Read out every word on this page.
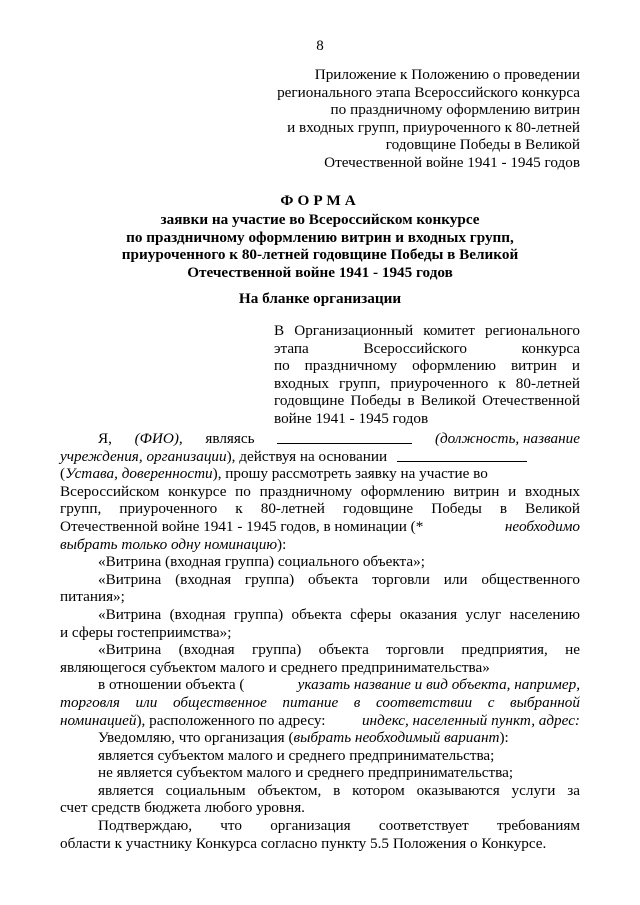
8
Приложение к Положению о проведении
регионального этапа Всероссийского конкурса
по праздничному оформлению витрин
и входных групп, приуроченного к 80-летней
годовщине Победы в Великой
Отечественной войне 1941 - 1945 годов
ФОРМА
заявки на участие во Всероссийском конкурсе
по праздничному оформлению витрин и входных групп,
приуроченного к 80-летней годовщине Победы в Великой
Отечественной войне 1941 - 1945 годов
На бланке организации
В Организационный комитет регионального
этапа Всероссийского конкурса
по праздничному оформлению витрин и
входных групп, приуроченного к 80-летней
годовщине Победы в Великой Отечественной
войне 1941 - 1945 годов
Я, (ФИО), являясь	(должность, название
учреждения, организации), действуя на основании
(Устава, доверенности), прошу рассмотреть заявку на участие во
Всероссийском конкурсе по праздничному оформлению витрин и входных
групп, приуроченного к 80-летней годовщине Победы в Великой
Отечественной войне 1941 - 1945 годов, в номинации (*	необходимо
выбрать только одну номинацию):
«Витрина (входная группа) социального объекта»;
«Витрина (входная группа) объекта торговли или общественного
питания»;
«Витрина (входная группа) объекта сферы оказания услуг населению
и сферы гостеприимства»;
«Витрина (входная группа) объекта торговли предприятия, не
являющегося субъектом малого и среднего предпринимательства»
в отношении объекта (	указать название и вид объекта, например,
торговля или общественное питание в соответствии с выбранной
номинацией), расположенного по адресу: индекс, населенный пункт, адрес:
Уведомляю, что организация (выбрать необходимый вариант):
является субъектом малого и среднего предпринимательства;
не является субъектом малого и среднего предпринимательства;
является социальным объектом, в котором оказываются услуги за
счет средств бюджета любого уровня.
Подтверждаю, что организация соответствует требованиям
области к участнику Конкурса согласно пункту 5.5 Положения о Конкурсе.
